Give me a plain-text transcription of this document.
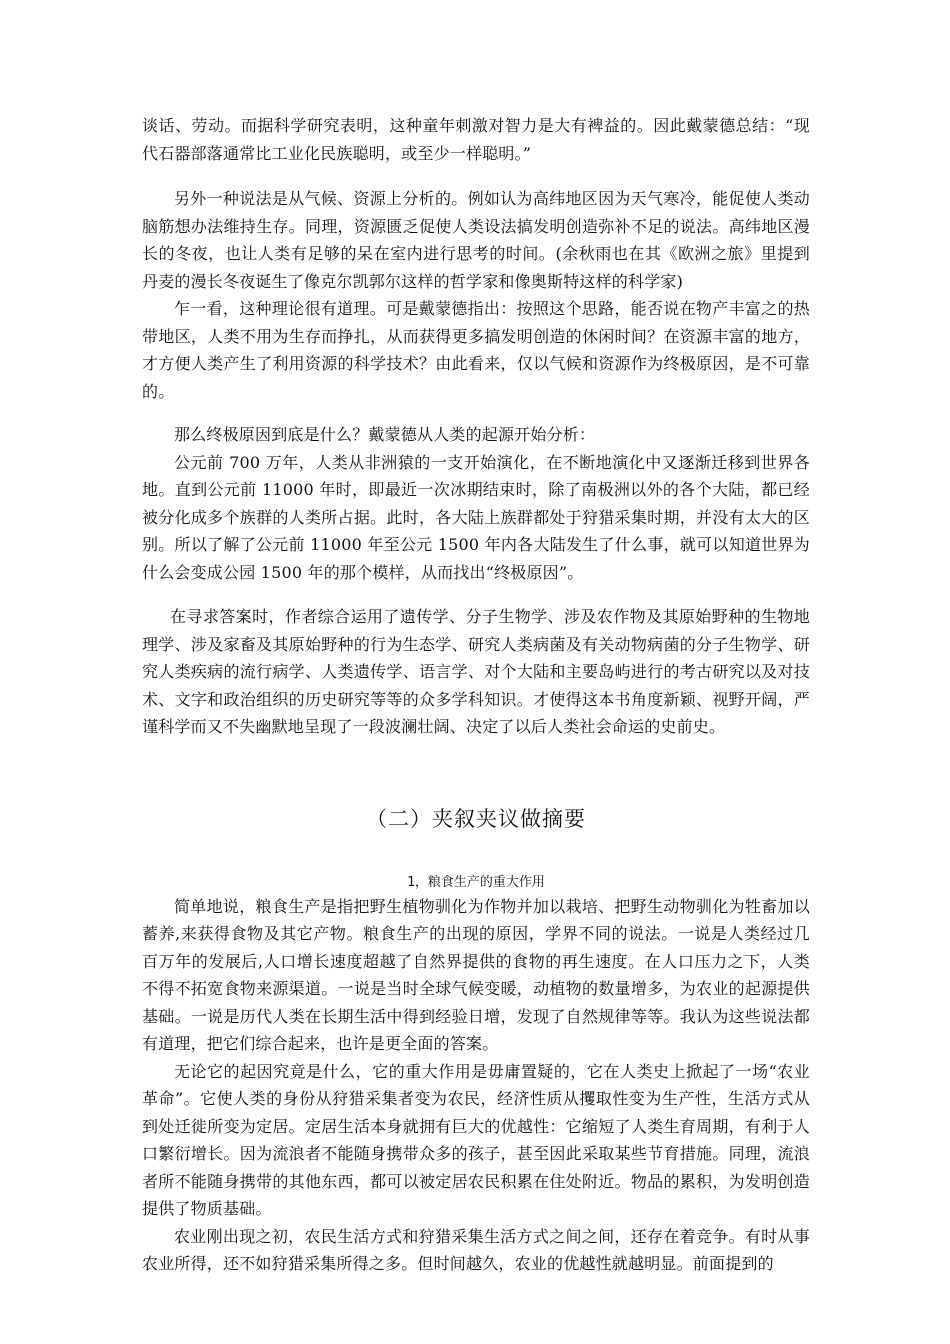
谈话、劳动。而据科学研究表明，这种童年刺激对智力是大有裨益的。因此戴蒙德总结：“现代石器部落通常比工业化民族聪明，或至少一样聪明。”

另外一种说法是从气候、资源上分析的。例如认为高纬地区因为天气寒冷，能促使人类动脑筋想办法维持生存。同理，资源匮乏促使人类设法搞发明创造弥补不足的说法。高纬地区漫长的冬夜，也让人类有足够的呆在室内进行思考的时间。(余秋雨也在其《欧洲之旅》里提到丹麦的漫长冬夜诞生了像克尔凯郭尔这样的哲学家和像奥斯特这样的科学家)

乍一看，这种理论很有道理。可是戴蒙德指出：按照这个思路，能否说在物产丰富之的热带地区，人类不用为生存而挣扎，从而获得更多搞发明创造的休闲时间？在资源丰富的地方，才方便人类产生了利用资源的科学技术？由此看来，仅以气候和资源作为终极原因，是不可靠的。

那么终极原因到底是什么？戴蒙德从人类的起源开始分析：

公元前 700 万年，人类从非洲猿的一支开始演化，在不断地演化中又逐渐迁移到世界各地。直到公元前 11000 年时，即最近一次冰期结束时，除了南极洲以外的各个大陆，都已经被分化成多个族群的人类所占据。此时，各大陆上族群都处于狩猎采集时期，并没有太大的区别。所以了解了公元前 11000 年至公元 1500 年内各大陆发生了什么事，就可以知道世界为什么会变成公园 1500 年的那个模样，从而找出“终极原因”。

在寻求答案时，作者综合运用了遗传学、分子生物学、涉及农作物及其原始野种的生物地理学、涉及家畜及其原始野种的行为生态学、研究人类病菌及有关动物病菌的分子生物学、研究人类疾病的流行病学、人类遗传学、语言学、对个大陆和主要岛屿进行的考古研究以及对技术、文字和政治组织的历史研究等等的众多学科知识。才使得这本书角度新颖、视野开阔，严谨科学而又不失幽默地呈现了一段波澜壮阔、决定了以后人类社会命运的史前史。

（二）夹叙夹议做摘要
1，粮食生产的重大作用

简单地说，粮食生产是指把野生植物驯化为作物并加以栽培、把野生动物驯化为牲畜加以蓄养,来获得食物及其它产物。粮食生产的出现的原因，学界不同的说法。一说是人类经过几百万年的发展后,人口增长速度超越了自然界提供的食物的再生速度。在人口压力之下，人类不得不拓宽食物来源渠道。一说是当时全球气候变暖，动植物的数量增多，为农业的起源提供基础。一说是历代人类在长期生活中得到经验日增，发现了自然规律等等。我认为这些说法都有道理，把它们综合起来，也许是更全面的答案。

无论它的起因究竟是什么，它的重大作用是毋庸置疑的，它在人类史上掀起了一场“农业革命”。它使人类的身份从狩猎采集者变为农民，经济性质从攫取性变为生产性，生活方式从到处迁徙所变为定居。定居生活本身就拥有巨大的优越性：它缩短了人类生育周期，有利于人口繁衍增长。因为流浪者不能随身携带众多的孩子，甚至因此采取某些节育措施。同理，流浪者所不能随身携带的其他东西，都可以被定居农民积累在住处附近。物品的累积，为发明创造提供了物质基础。

农业刚出现之初，农民生活方式和狩猎采集生活方式之间之间，还存在着竞争。有时从事农业所得，还不如狩猎采集所得之多。但时间越久，农业的优越性就越明显。前面提到的
